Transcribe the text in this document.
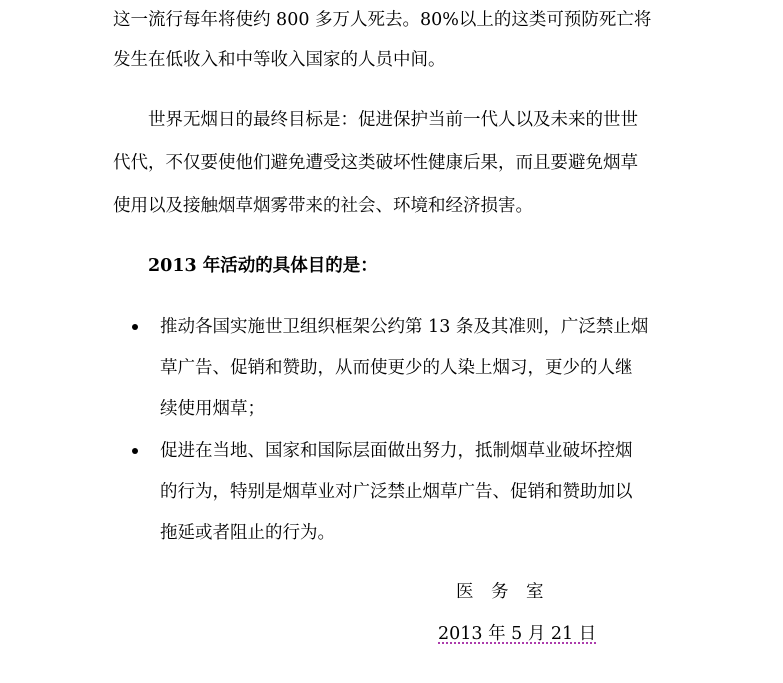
这一流行每年将使约 800 多万人死去。80%以上的这类可预防死亡将
发生在低收入和中等收入国家的人员中间。
世界无烟日的最终目标是：促进保护当前一代人以及未来的世世
代代，不仅要使他们避免遭受这类破坏性健康后果，而且要避免烟草
使用以及接触烟草烟雾带来的社会、环境和经济损害。
2013 年活动的具体目的是：
推动各国实施世卫组织框架公约第 13 条及其准则，广泛禁止烟
草广告、促销和赞助，从而使更少的人染上烟习，更少的人继
续使用烟草；
促进在当地、国家和国际层面做出努力，抵制烟草业破坏控烟
的行为，特别是烟草业对广泛禁止烟草广告、促销和赞助加以
拖延或者阻止的行为。
医　务　室
2013 年 5 月 21 日
